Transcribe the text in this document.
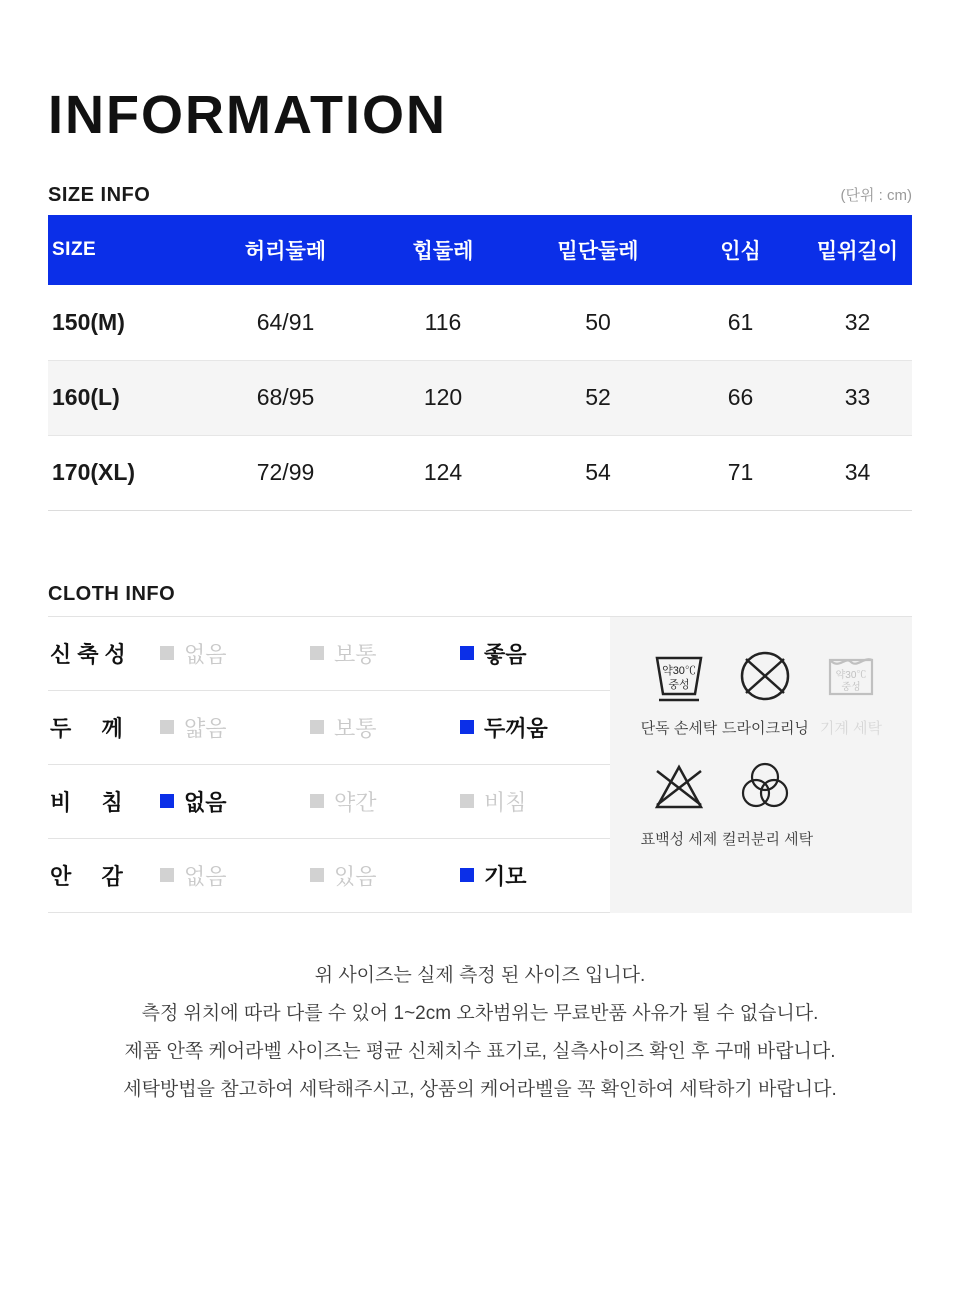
INFORMATION
SIZE INFO	(단위 : cm)
SIZE	허리둘레	힙둘레	밑단둘레	인심	밑위길이
150(M)	64/91	116	50	61	32
160(L)	68/95	120	52	66	33
170(XL)	72/99	124	54	71	34
CLOTH INFO
신축성	없음	보통	좋음
두  께	얇음	보통	두꺼움
비  침	없음	약간	비침
안  감	없음	있음	기모
약30℃
중성
단독 손세탁 드라이크리닝
약30℃
중성
기계 세탁
표백성 세제 컬러분리 세탁
위 사이즈는 실제 측정 된 사이즈 입니다.
측정 위치에 따라 다를 수 있어 1~2cm 오차범위는 무료반품 사유가 될 수 없습니다.
제품 안쪽 케어라벨 사이즈는 평균 신체치수 표기로, 실측사이즈 확인 후 구매 바랍니다.
세탁방법을 참고하여 세탁해주시고, 상품의 케어라벨을 꼭 확인하여 세탁하기 바랍니다.
